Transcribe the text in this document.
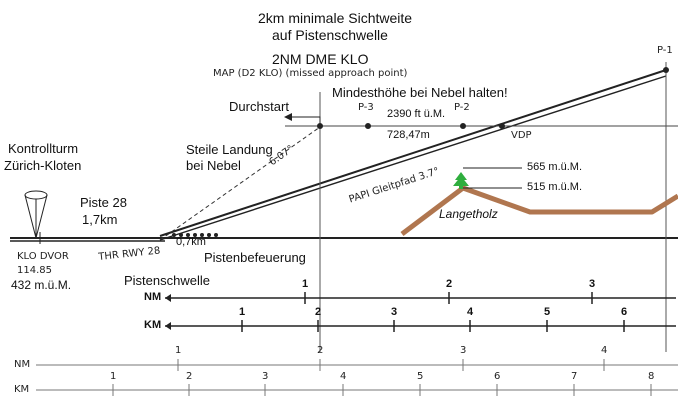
2km minimale Sichtweite
auf Pistenschwelle
2NM DME KLO
MAP (D2 KLO) (missed approach point)
Mindesthöhe bei Nebel halten!
Durchstart	P-3	P-2
P-1
2390 ft ü.M.
728,47m	VDP
Steile Landung
bei Nebel	6.07°
PAPI Gleitpfad 3.7°
Kontrollturm
Zürich-Kloten
Piste 28
1,7km
THR RWY 28
0,7km
Pistenbefeuerung
Pistenschwelle
KLO DVOR
114.85
432 m.ü.M.
565 m.ü.M.
515 m.ü.M.
Langetholz
NM
1	2	3
KM
1	2	3	4	5	6
NM
1	2	3	4
KM
1	2	3	4	5	6	7	8
